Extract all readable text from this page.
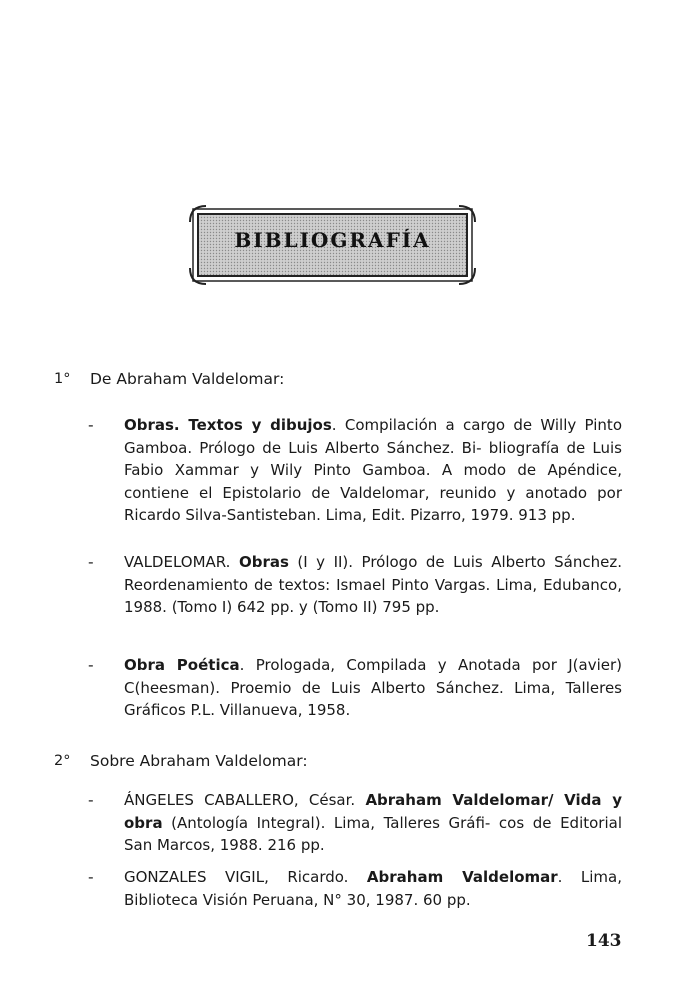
BIBLIOGRAFÍA
1° De Abraham Valdelomar:
- Obras. Textos y dibujos. Compilación a cargo de Willy Pinto Gamboa. Prólogo de Luis Alberto Sánchez. Bi- bliografía de Luis Fabio Xammar y Wily Pinto Gamboa. A modo de Apéndice, contiene el Epistolario de Valdelomar, reunido y anotado por Ricardo Silva-Santisteban. Lima, Edit. Pizarro, 1979. 913 pp.

- VALDELOMAR. Obras (I y II). Prólogo de Luis Alberto Sánchez. Reordenamiento de textos: Ismael Pinto Vargas. Lima, Edubanco, 1988. (Tomo I) 642 pp. y (Tomo II) 795 pp.

- Obra Poética. Prologada, Compilada y Anotada por J(avier) C(heesman). Proemio de Luis Alberto Sánchez. Lima, Talleres Gráficos P.L. Villanueva, 1958.

2° Sobre Abraham Valdelomar:
- ÁNGELES CABALLERO, César. Abraham Valdelomar/ Vida y obra (Antología Integral). Lima, Talleres Gráfi- cos de Editorial San Marcos, 1988. 216 pp.

- GONZALES VIGIL, Ricardo. Abraham Valdelomar. Lima, Biblioteca Visión Peruana, N° 30, 1987. 60 pp.

143
